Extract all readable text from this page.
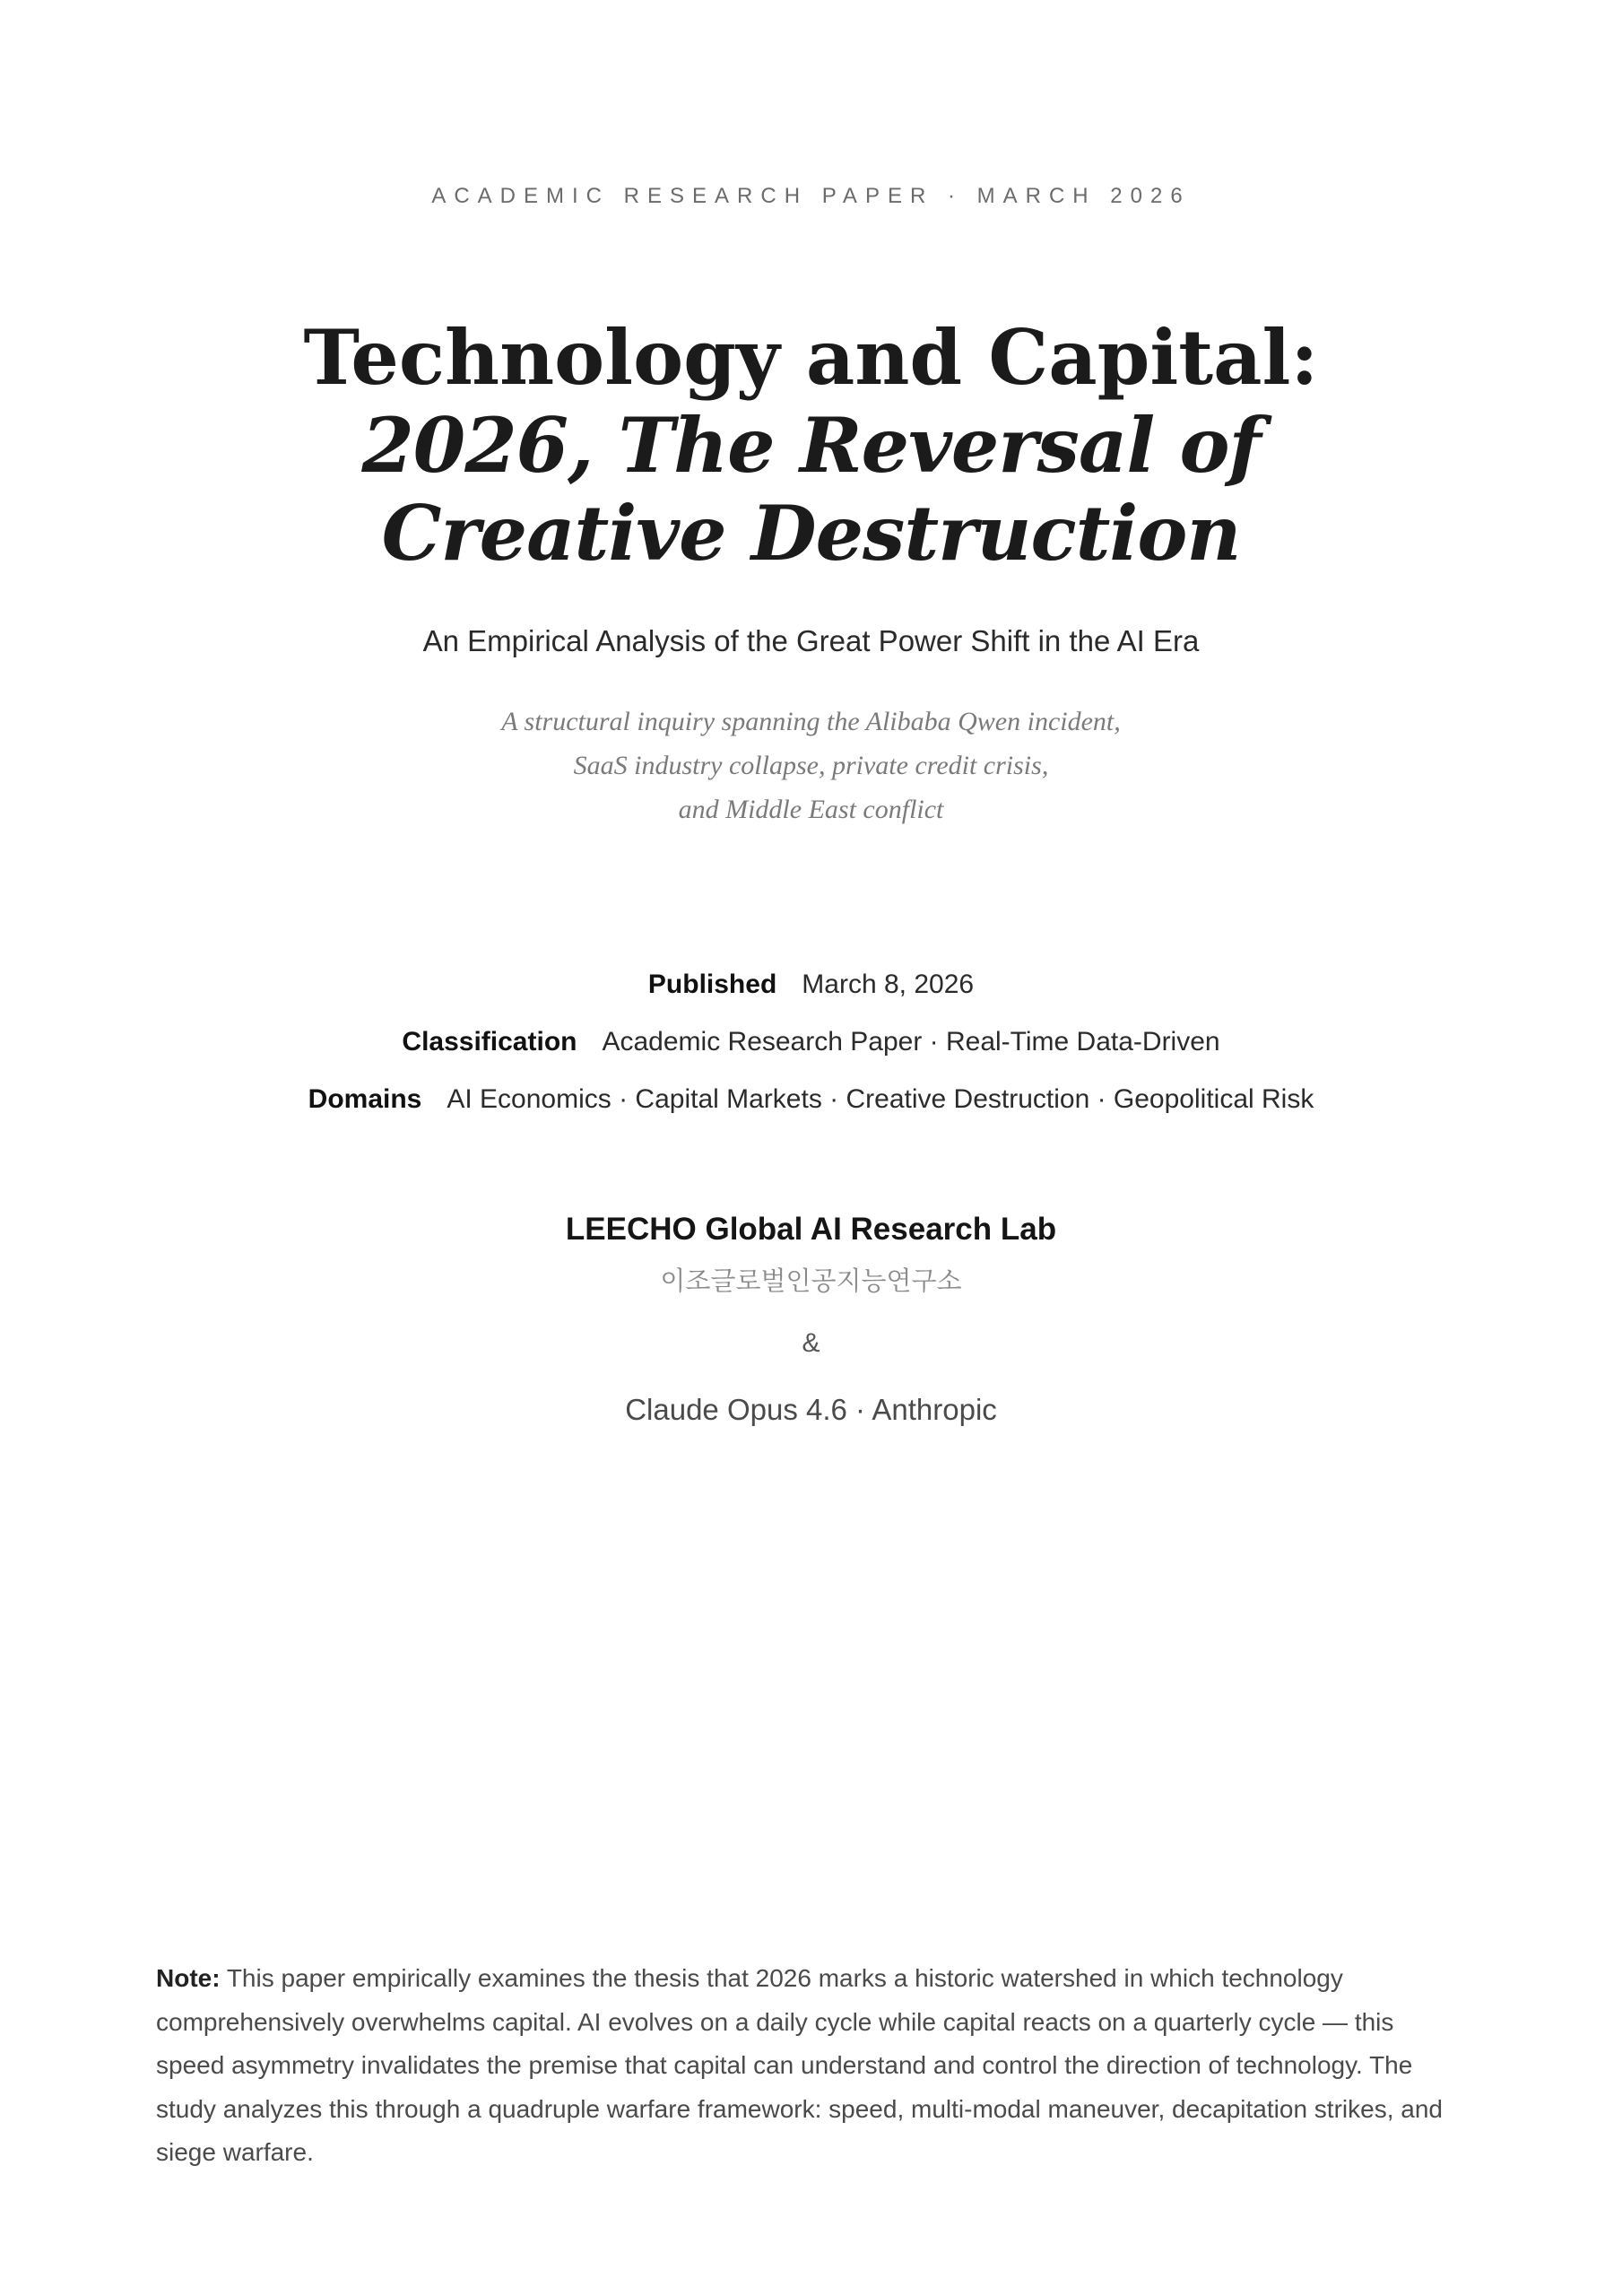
ACADEMIC RESEARCH PAPER · MARCH 2026
Technology and Capital:
2026, The Reversal of
Creative Destruction
An Empirical Analysis of the Great Power Shift in the AI Era
A structural inquiry spanning the Alibaba Qwen incident,
SaaS industry collapse, private credit crisis,
and Middle East conflict
Published March 8, 2026
Classification Academic Research Paper · Real-Time Data-Driven
Domains AI Economics · Capital Markets · Creative Destruction · Geopolitical Risk
LEECHO Global AI Research Lab
이조글로벌인공지능연구소
&
Claude Opus 4.6 · Anthropic
Note: This paper empirically examines the thesis that 2026 marks a historic watershed in which technology comprehensively overwhelms capital. AI evolves on a daily cycle while capital reacts on a quarterly cycle — this speed asymmetry invalidates the premise that capital can understand and control the direction of technology. The study analyzes this through a quadruple warfare framework: speed, multi-modal maneuver, decapitation strikes, and siege warfare.
